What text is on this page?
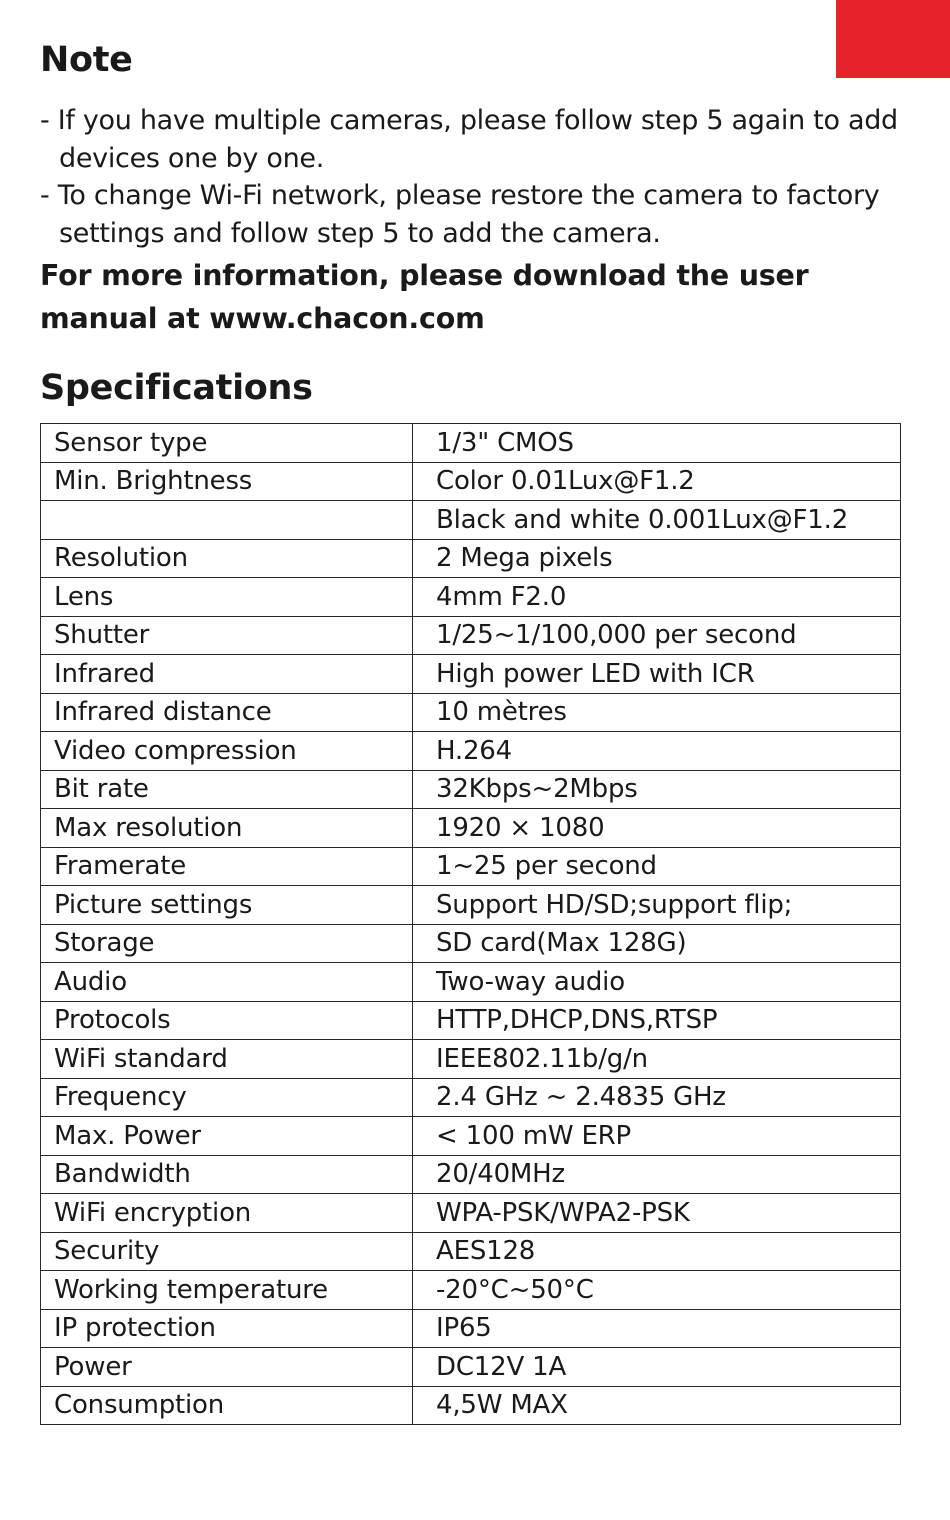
Note
- If you have multiple cameras, please follow step 5 again to add devices one by one.
- To change Wi-Fi network, please restore the camera to factory settings and follow step 5 to add the camera.

For more information, please download the user manual at www.chacon.com

Specifications
Sensor type	1/3" CMOS
Min. Brightness	Color 0.01Lux@F1.2
	Black and white 0.001Lux@F1.2
Resolution	2 Mega pixels
Lens	4mm F2.0
Shutter	1/25~1/100,000 per second
Infrared	High power LED with ICR
Infrared distance	10 mètres
Video compression	H.264
Bit rate	32Kbps~2Mbps
Max resolution	1920 × 1080
Framerate	1~25 per second
Picture settings	Support HD/SD;support flip;
Storage	SD card(Max 128G)
Audio	Two-way audio
Protocols	HTTP,DHCP,DNS,RTSP
WiFi standard	IEEE802.11b/g/n
Frequency	2.4 GHz ~ 2.4835 GHz
Max. Power	< 100 mW ERP
Bandwidth	20/40MHz
WiFi encryption	WPA-PSK/WPA2-PSK
Security	AES128
Working temperature	-20°C~50°C
IP protection	IP65
Power	DC12V 1A
Consumption	4,5W MAX
